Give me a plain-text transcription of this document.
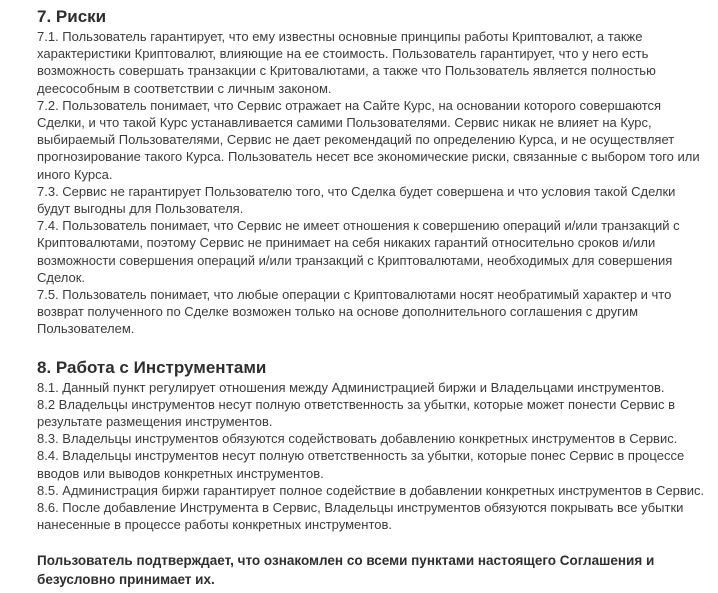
7. Риски

7.1. Пользователь гарантирует, что ему известны основные принципы работы Криптовалют, а также характеристики Криптовалют, влияющие на ее стоимость. Пользователь гарантирует, что у него есть возможность совершать транзакции с Критовалютами, а также что Пользователь является полностью деесособным в соответствии с личным законом.

7.2. Пользователь понимает, что Сервис отражает на Сайте Курс, на основании которого совершаются Сделки, и что такой Курс устанавливается самими Пользователями. Сервис никак не влияет на Курс, выбираемый Пользователями, Сервис не дает рекомендаций по определению Курса, и не осуществляет прогнозирование такого Курса. Пользователь несет все экономические риски, связанные с выбором того или иного Курса.

7.3. Сервис не гарантирует Пользователю того, что Сделка будет совершена и что условия такой Сделки будут выгодны для Пользователя.

7.4. Пользователь понимает, что Сервис не имеет отношения к совершению операций и/или транзакций с Криптовалютами, поэтому Сервис не принимает на себя никаких гарантий относительно сроков и/или возможности совершения операций и/или транзакций с Криптовалютами, необходимых для совершения Сделок.

7.5. Пользователь понимает, что любые операции с Криптовалютами носят необратимый характер и что возврат полученного по Сделке возможен только на основе дополнительного соглашения с другим Пользователем.

8. Работа с Инструментами

8.1. Данный пункт регулирует отношения между Администрацией биржи и Владельцами инструментов.

8.2 Владельцы инструментов несут полную ответственность за убытки, которые может понести Сервис в результате размещения инструментов.

8.3. Владельцы инструментов обязуются содействовать добавлению конкретных инструментов в Сервис.

8.4. Владельцы инструментов несут полную ответственность за убытки, которые понес Сервис в процессе вводов или выводов конкретных инструментов.

8.5. Администрация биржи гарантирует полное содействие в добавлении конкретных инструментов в Сервис.

8.6. После добавление Инструмента в Сервис, Владельцы инструментов обязуются покрывать все убытки нанесенные в процессе работы конкретных инструментов.

Пользователь подтверждает, что ознакомлен со всеми пунктами настоящего Соглашения и безусловно принимает их.
